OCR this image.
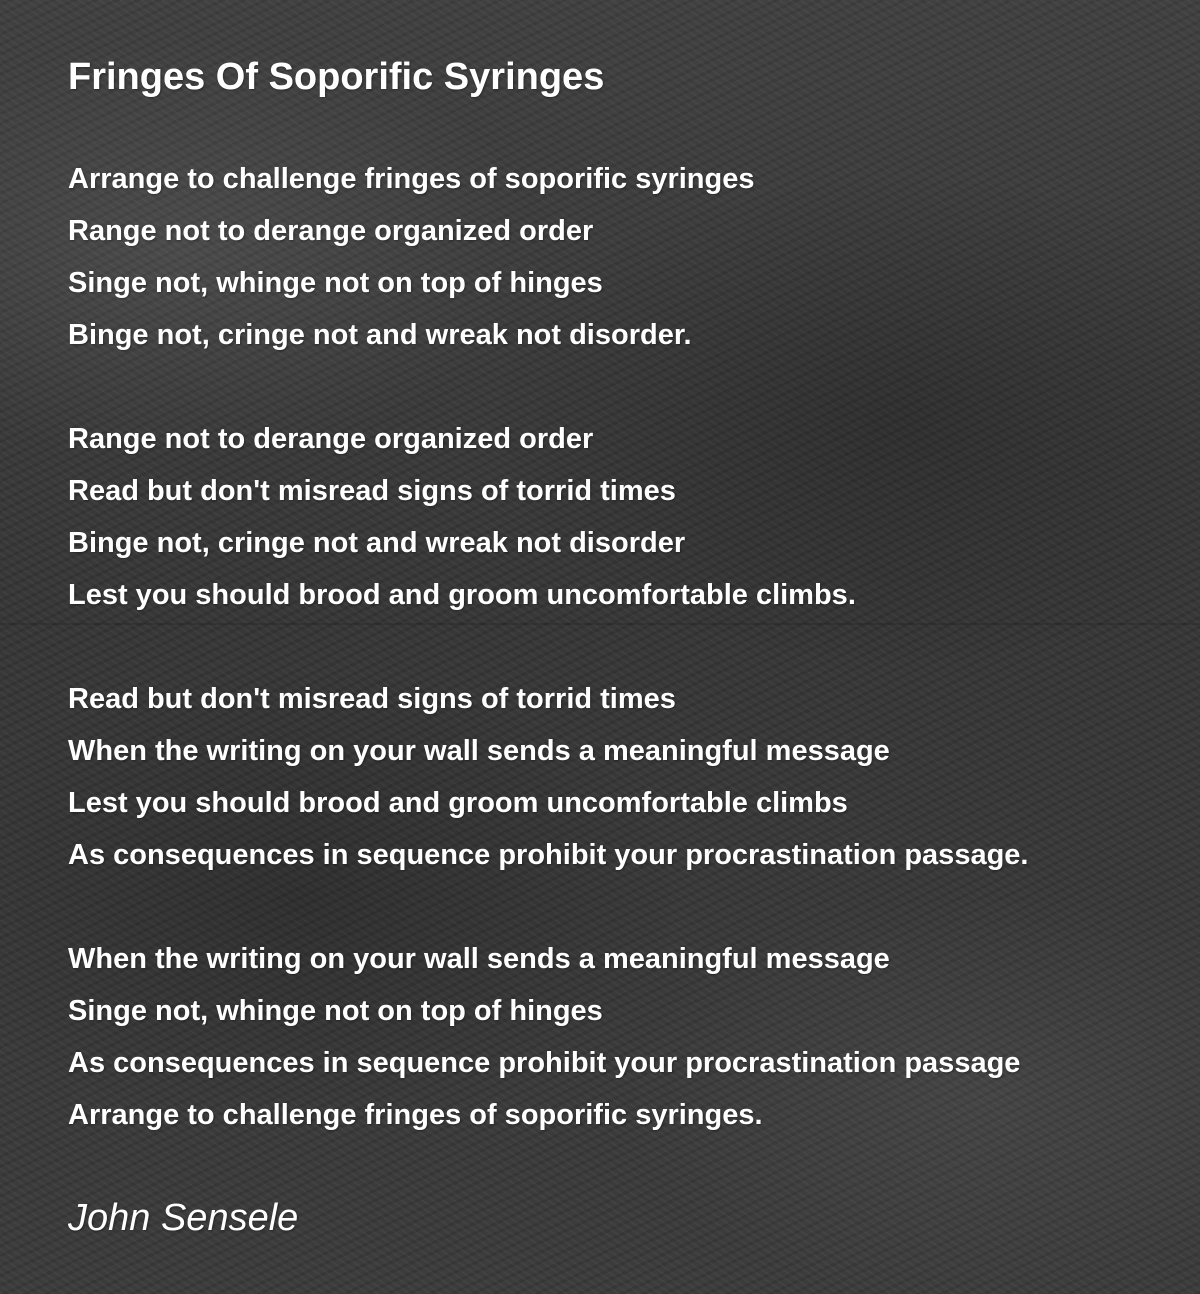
Fringes Of Soporific Syringes
Arrange to challenge fringes of soporific syringes
Range not to derange organized order
Singe not, whinge not on top of hinges
Binge not, cringe not and wreak not disorder.
Range not to derange organized order
Read but don't misread signs of torrid times
Binge not, cringe not and wreak not disorder
Lest you should brood and groom uncomfortable climbs.
Read but don't misread signs of torrid times
When the writing on your wall sends a meaningful message
Lest you should brood and groom uncomfortable climbs
As consequences in sequence prohibit your procrastination passage.
When the writing on your wall sends a meaningful message
Singe not, whinge not on top of hinges
As consequences in sequence prohibit your procrastination passage
Arrange to challenge fringes of soporific syringes.

John Sensele
